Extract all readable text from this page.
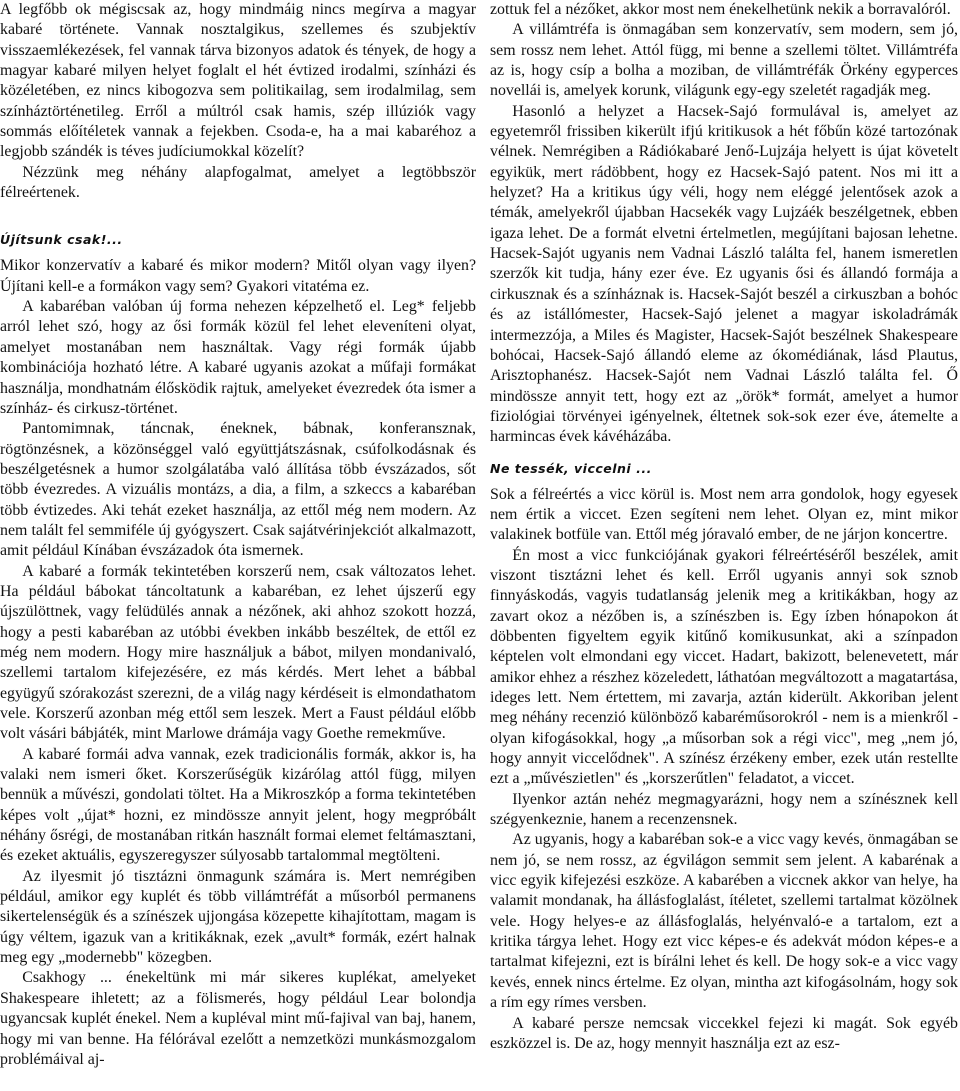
A legfőbb ok mégiscsak az, hogy mindmáig nincs megírva a magyar kabaré története. Vannak nosztalgikus, szellemes és szubjektív visszaemlékezések, fel vannak tárva bizonyos adatok és tények, de hogy a magyar kabaré milyen helyet foglalt el hét évtized irodalmi, színházi és közéletében, ez nincs kibogozva sem politikailag, sem irodalmilag, sem színháztörténetileg. Erről a múltról csak hamis, szép illúziók vagy sommás előítéletek vannak a fejekben. Csoda-e, ha a mai kabaréhoz a legjobb szándék is téves judíciumokkal közelít?

Nézzünk meg néhány alapfogalmat, amelyet a legtöbbször félreértenek.

Újítsunk csak!...

Mikor konzervatív a kabaré és mikor modern? Mitől olyan vagy ilyen? Újítani kell-e a formákon vagy sem? Gyakori vitatéma ez.

A kabaréban valóban új forma nehezen képzelhető el. Leg* feljebb arról lehet szó, hogy az ősi formák közül fel lehet eleveníteni olyat, amelyet mostanában nem használtak. Vagy régi formák újabb kombinációja hozható létre. A kabaré ugyanis azokat a műfaji formákat használja, mondhatnám élősködik rajtuk, amelyeket évezredek óta ismer a színház- és cirkusz-történet.

Pantomimnak, táncnak, éneknek, bábnak, konferansznak, rögtönzésnek, a közönséggel való együttjátszásnak, csúfolkodásnak és beszélgetésnek a humor szolgálatába való állítása több évszázados, sőt több évezredes. A vizuális montázs, a dia, a film, a szkeccs a kabaréban több évtizedes. Aki tehát ezeket használja, az ettől még nem modern. Az nem talált fel semmiféle új gyógyszert. Csak sajátvérinjekciót alkalmazott, amit például Kínában évszázadok óta ismernek.

A kabaré a formák tekintetében korszerű nem, csak változatos lehet. Ha például bábokat táncoltatunk a kabaréban, ez lehet újszerű egy újszülöttnek, vagy felüdülés annak a nézőnek, aki ahhoz szokott hozzá, hogy a pesti kabaréban az utóbbi években inkább beszéltek, de ettől ez még nem modern. Hogy mire használjuk a bábot, milyen mondanivaló, szellemi tartalom kifejezésére, ez más kérdés. Mert lehet a bábbal együgyű szórakozást szerezni, de a világ nagy kérdéseit is elmondathatom vele. Korszerű azonban még ettől sem leszek. Mert a Faust például előbb volt vásári bábjáték, mint Marlowe drámája vagy Goethe remekműve.

A kabaré formái adva vannak, ezek tradicionális formák, akkor is, ha valaki nem ismeri őket. Korszerűségük kizárólag attól függ, milyen bennük a művészi, gondolati töltet. Ha a Mikroszkóp a forma tekintetében képes volt „újat* hozni, ez mindössze annyit jelent, hogy megpróbált néhány ősrégi, de mostanában ritkán használt formai elemet feltámasztani, és ezeket aktuális, egyszeregyszer súlyosabb tartalommal megtölteni.

Az ilyesmit jó tisztázni önmagunk számára is. Mert nemrégiben például, amikor egy kuplét és több villámtréfát a műsorból permanens sikertelenségük és a színészek ujjongása közepette kihajítottam, magam is úgy véltem, igazuk van a kritikáknak, ezek „avult* formák, ezért halnak meg egy „modernebb" közegben.

Csakhogy ... énekeltünk mi már sikeres kuplékat, amelyeket Shakespeare ihletett; az a fölismerés, hogy például Lear bolondja ugyancsak kuplét énekel. Nem a kupléval mint mű-fajival van baj, hanem, hogy mi van benne. Ha félórával ezelőtt a nemzetközi munkásmozgalom problémáival aj-

zottuk fel a nézőket, akkor most nem énekelhetünk nekik a borravalóról.

A villámtréfa is önmagában sem konzervatív, sem modern, sem jó, sem rossz nem lehet. Attól függ, mi benne a szellemi töltet. Villámtréfa az is, hogy csíp a bolha a moziban, de villámtréfák Örkény egyperces novellái is, amelyek korunk, világunk egy-egy szeletét ragadják meg.

Hasonló a helyzet a Hacsek-Sajó formulával is, amelyet az egyetemről frissiben kikerült ifjú kritikusok a hét főbűn közé tartozónak vélnek. Nemrégiben a Rádiókabaré Jenő-Lujzája helyett is újat követelt egyikük, mert rádöbbent, hogy ez Hacsek-Sajó patent. Nos mi itt a helyzet? Ha a kritikus úgy véli, hogy nem eléggé jelentősek azok a témák, amelyekről újabban Hacsekék vagy Lujzáék beszélgetnek, ebben igaza lehet. De a formát elvetni értelmetlen, megújítani bajosan lehetne. Hacsek-Sajót ugyanis nem Vadnai László találta fel, hanem ismeretlen szerzők kit tudja, hány ezer éve. Ez ugyanis ősi és állandó formája a cirkusznak és a színháznak is. Hacsek-Sajót beszél a cirkuszban a bohóc és az istállómester, Hacsek-Sajó jelenet a magyar iskoladrámák intermezzója, a Miles és Magister, Hacsek-Sajót beszélnek Shakespeare bohócai, Hacsek-Sajó állandó eleme az ókomédiának, lásd Plautus, Arisztophanész. Hacsek-Sajót nem Vadnai László találta fel. Ő mindössze annyit tett, hogy ezt az „örök* formát, amelyet a humor fiziológiai törvényei igényelnek, éltetnek sok-sok ezer éve, átemelte a harmincas évek kávéházába.

Ne tessék, viccelni ...

Sok a félreértés a vicc körül is. Most nem arra gondolok, hogy egyesek nem értik a viccet. Ezen segíteni nem lehet. Olyan ez, mint mikor valakinek botfüle van. Ettől még jóravaló ember, de ne járjon koncertre.

Én most a vicc funkciójának gyakori félreértéséről beszélek, amit viszont tisztázni lehet és kell. Erről ugyanis annyi sok sznob finnyáskodás, vagyis tudatlanság jelenik meg a kritikákban, hogy az zavart okoz a nézőben is, a színészben is. Egy ízben hónapokon át döbbenten figyeltem egyik kitűnő komikusunkat, aki a színpadon képtelen volt elmondani egy viccet. Hadart, bakizott, belenevetett, már amikor ehhez a részhez közeledett, láthatóan megváltozott a magatartása, ideges lett. Nem értettem, mi zavarja, aztán kiderült. Akkoriban jelent meg néhány recenzió különböző kabaréműsorokról - nem is a mienkről - olyan kifogásokkal, hogy „a műsorban sok a régi vicc", meg „nem jó, hogy annyit viccelődnek". A színész érzékeny ember, ezek után restellte ezt a „művészietlen" és „korszerűtlen" feladatot, a viccet.

Ilyenkor aztán nehéz megmagyarázni, hogy nem a színésznek kell szégyenkeznie, hanem a recenzensnek.

Az ugyanis, hogy a kabaréban sok-e a vicc vagy kevés, önmagában se nem jó, se nem rossz, az égvilágon semmit sem jelent. A kabarénak a vicc egyik kifejezési eszköze. A kabarében a viccnek akkor van helye, ha valamit mondanak, ha állásfoglalást, ítéletet, szellemi tartalmat közölnek vele. Hogy helyes-e az állásfoglalás, helyénvaló-e a tartalom, ezt a kritika tárgya lehet. Hogy ezt vicc képes-e és adekvát módon képes-e a tartalmat kifejezni, ezt is bírálni lehet és kell. De hogy sok-e a vicc vagy kevés, ennek nincs értelme. Ez olyan, mintha azt kifogásolnám, hogy sok a rím egy rímes versben.

A kabaré persze nemcsak viccekkel fejezi ki magát. Sok egyéb eszközzel is. De az, hogy mennyit használja ezt az esz-
